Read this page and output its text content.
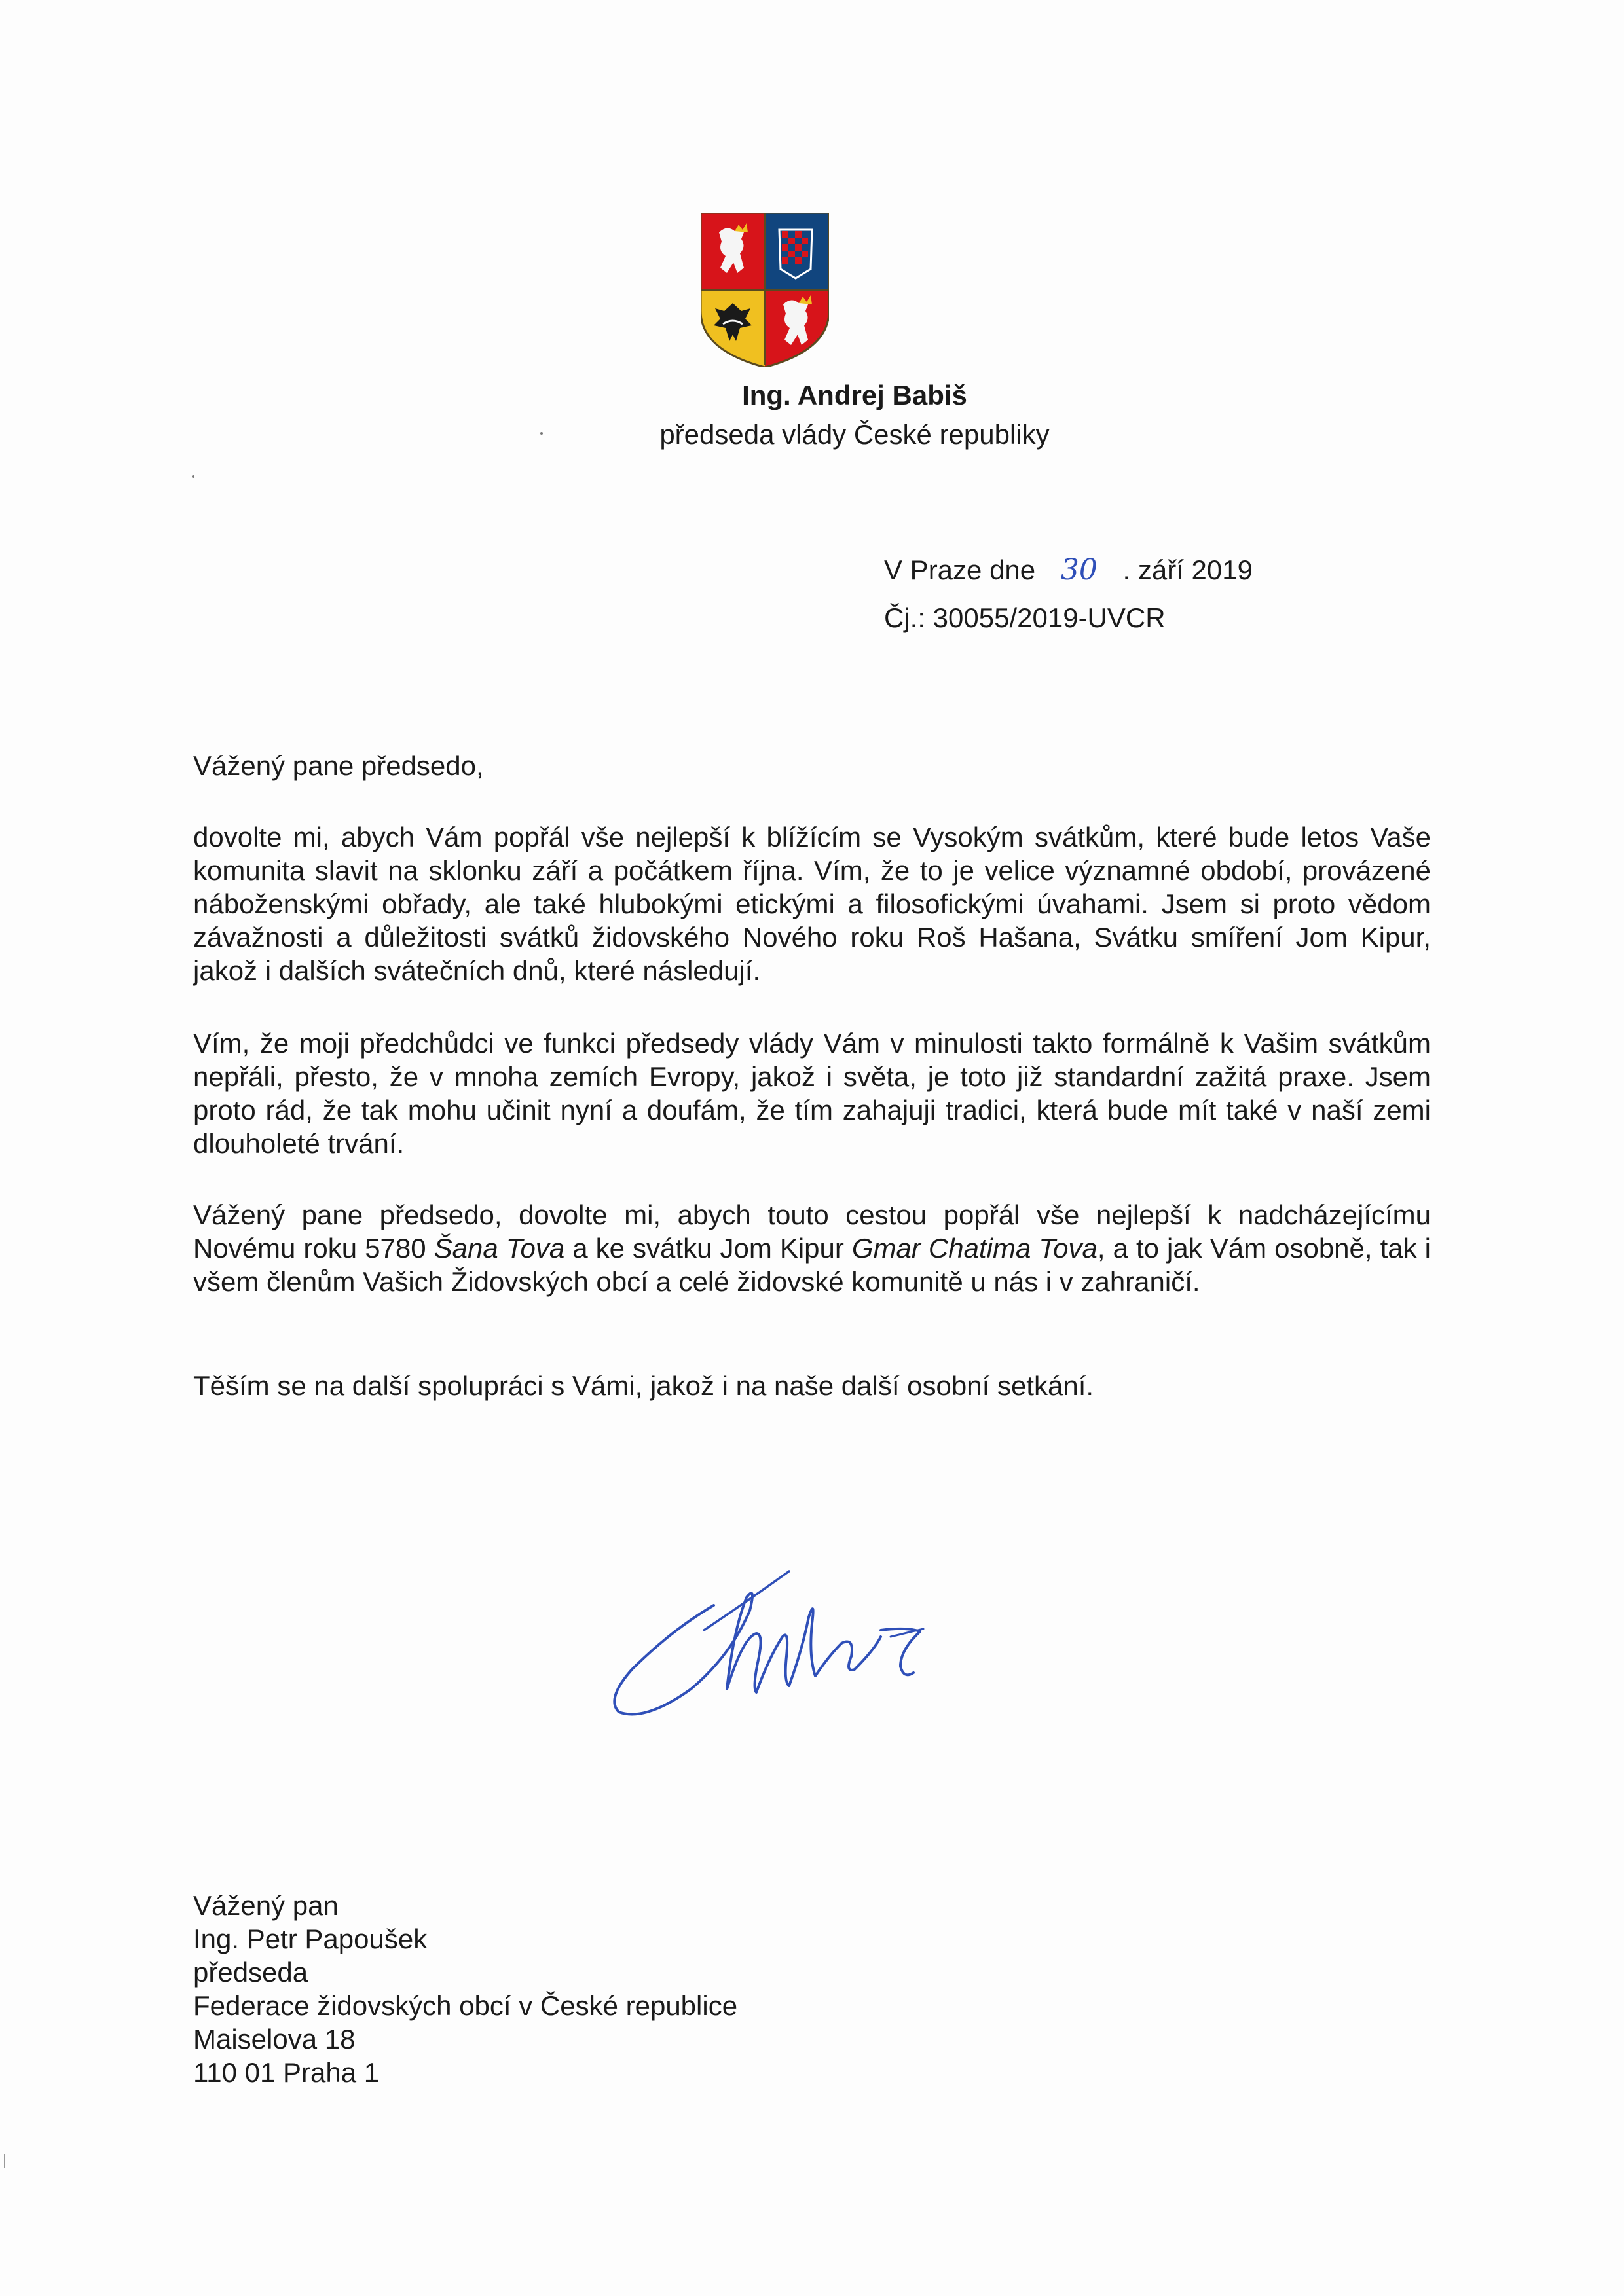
Ing. Andrej Babiš
předseda vlády České republiky
V Praze dne 30 . září 2019
Čj.: 30055/2019-UVCR
Vážený pane předsedo,
dovolte mi, abych Vám popřál vše nejlepší k blížícím se Vysokým svátkům, které bude letos Vaše komunita slavit na sklonku září a počátkem října. Vím, že to je velice významné období, provázené náboženskými obřady, ale také hlubokými etickými a filosofickými úvahami. Jsem si proto vědom závažnosti a důležitosti svátků židovského Nového roku Roš Hašana, Svátku smíření Jom Kipur, jakož i dalších svátečních dnů, které následují.
Vím, že moji předchůdci ve funkci předsedy vlády Vám v minulosti takto formálně k Vašim svátkům nepřáli, přesto, že v mnoha zemích Evropy, jakož i světa, je toto již standardní zažitá praxe. Jsem proto rád, že tak mohu učinit nyní a doufám, že tím zahajuji tradici, která bude mít také v naší zemi dlouholeté trvání.
Vážený pane předsedo, dovolte mi, abych touto cestou popřál vše nejlepší k nadcházejícímu Novému roku 5780 Šana Tova a ke svátku Jom Kipur Gmar Chatima Tova, a to jak Vám osobně, tak i všem členům Vašich Židovských obcí a celé židovské komunitě u nás i v zahraničí.
Těším se na další spolupráci s Vámi, jakož i na naše další osobní setkání.
Vážený pan
Ing. Petr Papoušek
předseda
Federace židovských obcí v České republice
Maiselova 18
110 01 Praha 1
